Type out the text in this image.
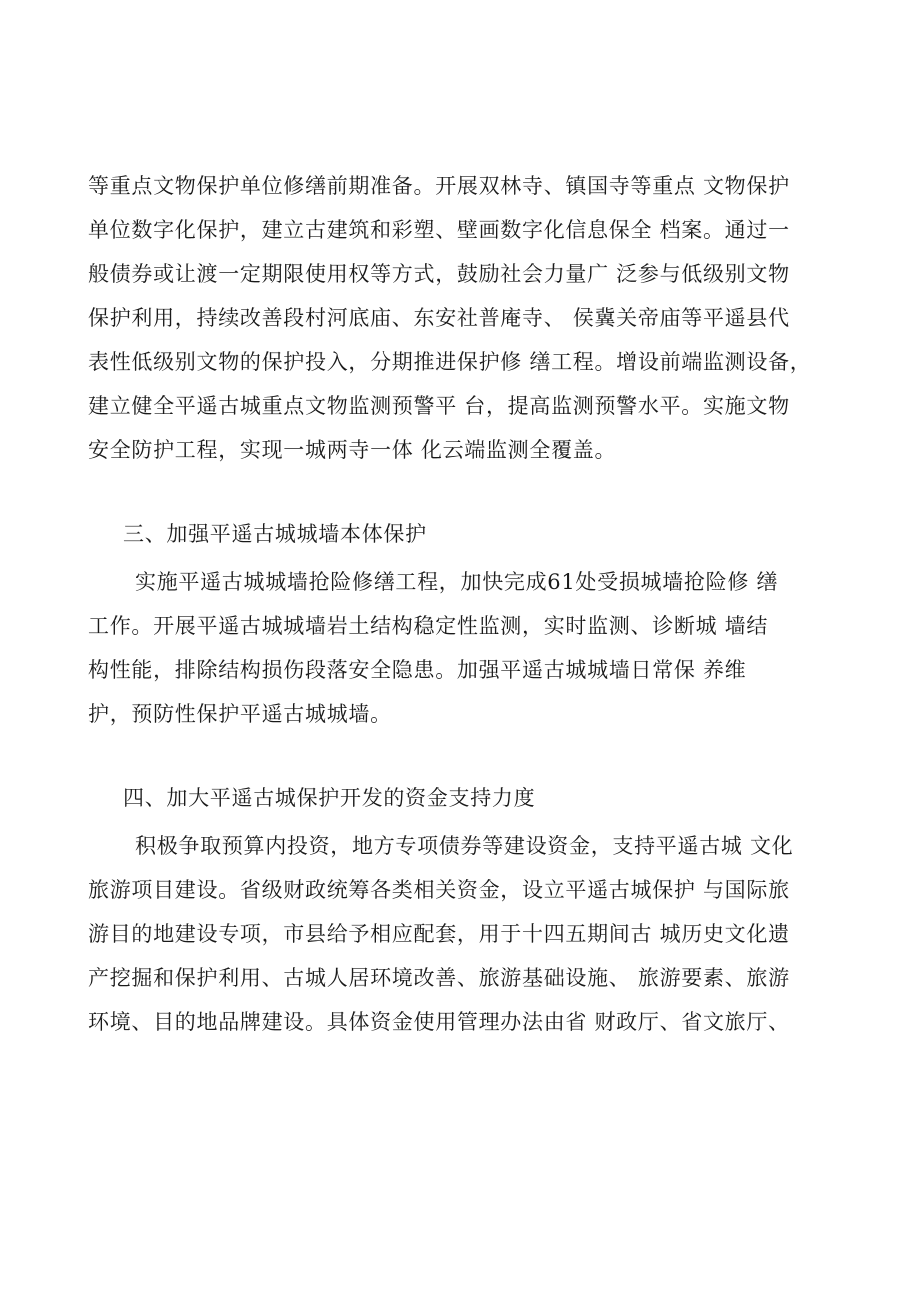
等重点文物保护单位修缮前期准备。开展双林寺、镇国寺等重点 文物保护
单位数字化保护，建立古建筑和彩塑、壁画数字化信息保全 档案。通过一
般债券或让渡一定期限使用权等方式，鼓励社会力量广 泛参与低级别文物
保护利用，持续改善段村河底庙、东安社普庵寺、 侯冀关帝庙等平遥县代
表性低级别文物的保护投入，分期推进保护修 缮工程。增设前端监测设备，
建立健全平遥古城重点文物监测预警平 台，提高监测预警水平。实施文物
安全防护工程，实现一城两寺一体 化云端监测全覆盖。
三、加强平遥古城城墙本体保护
实施平遥古城城墙抢险修缮工程，加快完成61处受损城墙抢险修 缮
工作。开展平遥古城城墙岩土结构稳定性监测，实时监测、诊断城 墙结
构性能，排除结构损伤段落安全隐患。加强平遥古城城墙日常保 养维
护，预防性保护平遥古城城墙。
四、加大平遥古城保护开发的资金支持力度
积极争取预算内投资，地方专项债券等建设资金，支持平遥古城 文化
旅游项目建设。省级财政统筹各类相关资金，设立平遥古城保护 与国际旅
游目的地建设专项，市县给予相应配套，用于十四五期间古 城历史文化遗
产挖掘和保护利用、古城人居环境改善、旅游基础设施、 旅游要素、旅游
环境、目的地品牌建设。具体资金使用管理办法由省 财政厅、省文旅厅、
